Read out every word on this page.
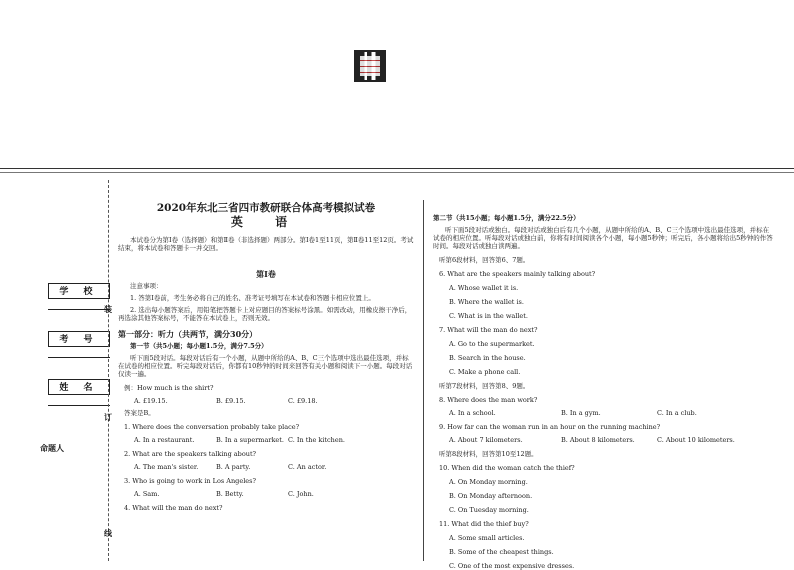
学 校
考 号
姓 名
命题人
装
订
线
2020年东北三省四市教研联合体高考模拟试卷
英 语
本试卷分为第Ⅰ卷（选择题）和第Ⅱ卷（非选择题）两部分。第Ⅰ卷1至11页，第Ⅱ卷11至12页。考试结束，将本试卷和答题卡一并交回。
第Ⅰ卷
注意事项：
1. 答第Ⅰ卷前，考生务必将自己的姓名、准考证号填写在本试卷和答题卡相应位置上。
2. 选出每小题答案后，用铅笔把答题卡上对应题目的答案标号涂黑。如需改动，用橡皮擦干净后，再选涂其他答案标号，不能答在本试卷上，否则无效。
第一部分：听力（共两节，满分30分）
第一节（共5小题；每小题1.5分，满分7.5分）
听下面5段对话。每段对话后有一个小题，从题中所给的A、B、C三个选项中选出最佳选项，并标在试卷的相应位置。听完每段对话后，你都有10秒钟的时间来回答有关小题和阅读下一小题。每段对话仅读一遍。
例：How much is the shirt?
A. £19.15.	B. £9.15.	C. £9.18.
答案是B。
1. Where does the conversation probably take place?
A. In a restaurant.	B. In a supermarket. C. In the kitchen.
2. What are the speakers talking about?
A. The man's sister.	B. A party.	C. An actor.
3. Who is going to work in Los Angeles?
A. Sam.	B. Betty.	C. John.
4. What will the man do next?
第二节（共15小题；每小题1.5分，满分22.5分）
听下面5段对话或独白。每段对话或独白后有几个小题，从题中所给的A、B、C三个选项中选出最佳选项，并标在试卷的相应位置。听每段对话或独白前，你将有时间阅读各个小题，每小题5秒钟；听完后，各小题将给出5秒钟的作答时间。每段对话或独白读两遍。
听第6段材料，回答第6、7题。
6. What are the speakers mainly talking about?
A. Whose wallet it is.
B. Where the wallet is.
C. What is in the wallet.
7. What will the man do next?
A. Go to the supermarket.
B. Search in the house.
C. Make a phone call.
听第7段材料，回答第8、9题。
8. Where does the man work?
A. In a school.	B. In a gym.	C. In a club.
9. How far can the woman run in an hour on the running machine?
A. About 7 kilometers.	B. About 8 kilometers.	C. About 10 kilometers.
听第8段材料，回答第10至12题。
10. When did the woman catch the thief?
A. On Monday morning.
B. On Monday afternoon.
C. On Tuesday morning.
11. What did the thief buy?
A. Some small articles.
B. Some of the cheapest things.
C. One of the most expensive dresses.
